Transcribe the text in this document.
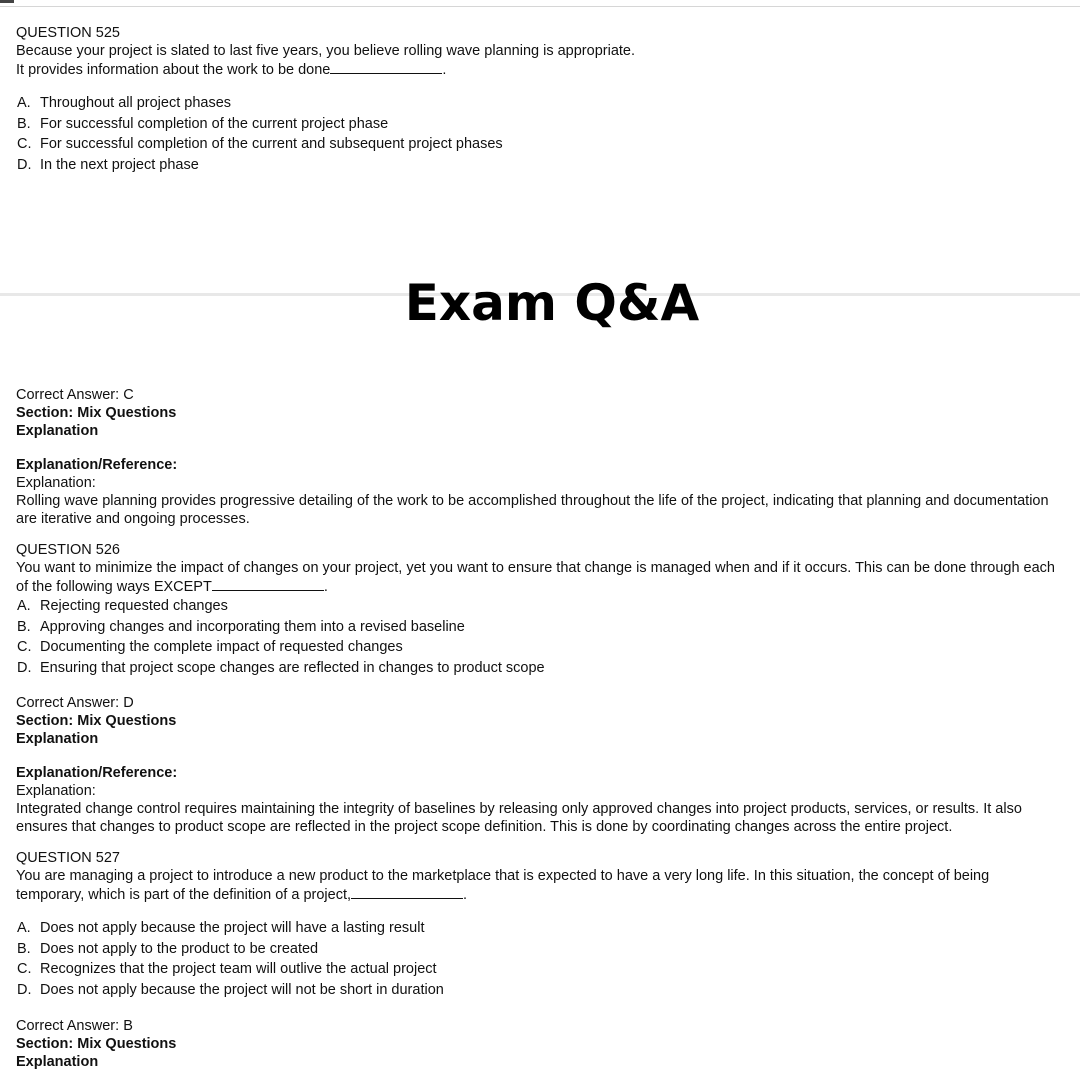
QUESTION 525

Because your project is slated to last five years, you believe rolling wave planning is appropriate.

It provides information about the work to be done	.

A. Throughout all project phases

B. For successful completion of the current project phase

C. For successful completion of the current and subsequent project phases

D. In the next project phase

Exam Q&A

Correct Answer: C

Section: Mix Questions

Explanation

Explanation/Reference:

Explanation:

Rolling wave planning provides progressive detailing of the work to be accomplished throughout the life of the project, indicating that planning and documentation are iterative and ongoing processes.

QUESTION 526

You want to minimize the impact of changes on your project, yet you want to ensure that change is managed when and if it occurs. This can be done through each of the following ways EXCEPT	.

A. Rejecting requested changes

B. Approving changes and incorporating them into a revised baseline

C. Documenting the complete impact of requested changes

D. Ensuring that project scope changes are reflected in changes to product scope

Correct Answer: D

Section: Mix Questions

Explanation

Explanation/Reference:

Explanation:

Integrated change control requires maintaining the integrity of baselines by releasing only approved changes into project products, services, or results. It also ensures that changes to product scope are reflected in the project scope definition. This is done by coordinating changes across the entire project.

QUESTION 527

You are managing a project to introduce a new product to the marketplace that is expected to have a very long life. In this situation, the concept of being temporary, which is part of the definition of a project,	.

A. Does not apply because the project will have a lasting result

B. Does not apply to the product to be created

C. Recognizes that the project team will outlive the actual project

D. Does not apply because the project will not be short in duration

Correct Answer: B

Section: Mix Questions

Explanation
